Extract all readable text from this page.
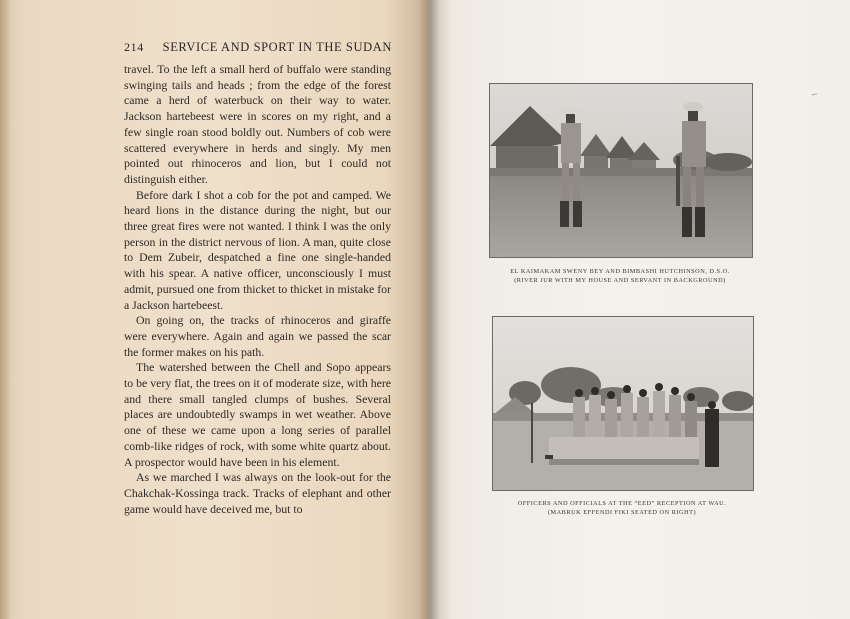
214 SERVICE AND SPORT IN THE SUDAN

travel. To the left a small herd of buffalo were standing swinging tails and heads ; from the edge of the forest came a herd of waterbuck on their way to water. Jackson hartebeest were in scores on my right, and a few single roan stood boldly out. Numbers of cob were scattered everywhere in herds and singly. My men pointed out rhinoceros and lion, but I could not distinguish either.

Before dark I shot a cob for the pot and camped. We heard lions in the distance during the night, but our three great fires were not wanted. I think I was the only person in the district nervous of lion. A man, quite close to Dem Zubeir, despatched a fine one single-handed with his spear. A native officer, unconsciously I must admit, pursued one from thicket to thicket in mistake for a Jackson hartebeest.

On going on, the tracks of rhinoceros and giraffe were everywhere. Again and again we passed the scar the former makes on his path.

The watershed between the Chell and Sopo appears to be very flat, the trees on it of moderate size, with here and there small tangled clumps of bushes. Several places are undoubtedly swamps in wet weather. Above one of these we came upon a long series of parallel comb-like ridges of rock, with some white quartz about. A prospector would have been in his element.

As we marched I was always on the look-out for the Chakchak-Kossinga track. Tracks of elephant and other game would have deceived me, but to

EL KAIMAKAM SWENY BEY AND BIMBASHI HUTCHINSON, D.S.O.
(RIVER JUR WITH MY HOUSE AND SERVANT IN BACKGROUND)
OFFICERS AND OFFICIALS AT THE “EED” RECEPTION AT WAU.
(MABRUK EFFENDI FIKI SEATED ON RIGHT)
-·
